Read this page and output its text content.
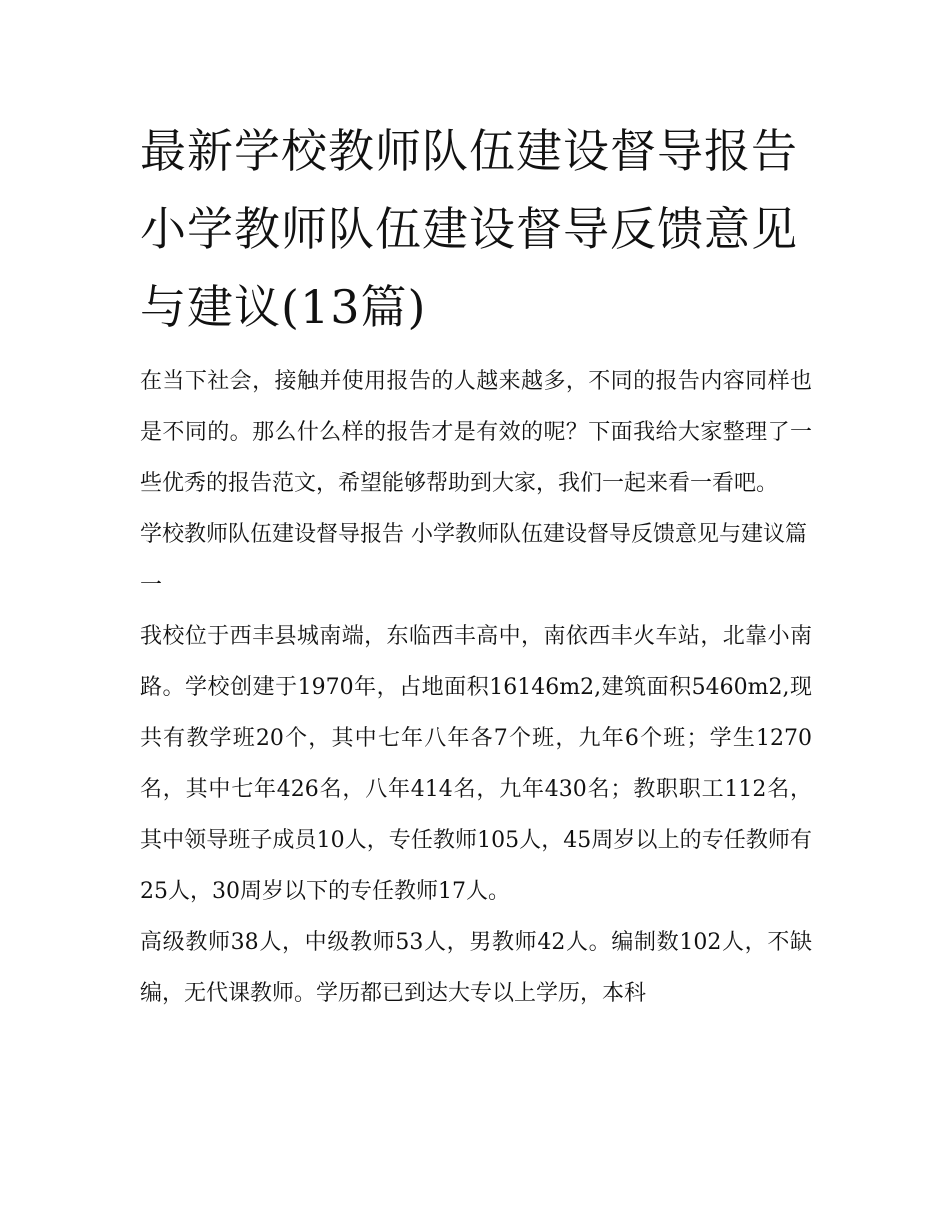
最新学校教师队伍建设督导报告 小学教师队伍建设督导反馈意见与建议(13篇)

在当下社会，接触并使用报告的人越来越多，不同的报告内容同样也是不同的。那么什么样的报告才是有效的呢？下面我给大家整理了一些优秀的报告范文，希望能够帮助到大家，我们一起来看一看吧。

学校教师队伍建设督导报告 小学教师队伍建设督导反馈意见与建议篇一

我校位于西丰县城南端，东临西丰高中，南依西丰火车站，北靠小南路。学校创建于1970年，占地面积16146m2,建筑面积5460m2,现共有教学班20个，其中七年八年各7个班，九年6个班；学生1270名，其中七年426名，八年414名，九年430名；教职职工112名，其中领导班子成员10人，专任教师105人，45周岁以上的专任教师有25人，30周岁以下的专任教师17人。

高级教师38人，中级教师53人，男教师42人。编制数102人，不缺编，无代课教师。学历都已到达大专以上学历，本科
